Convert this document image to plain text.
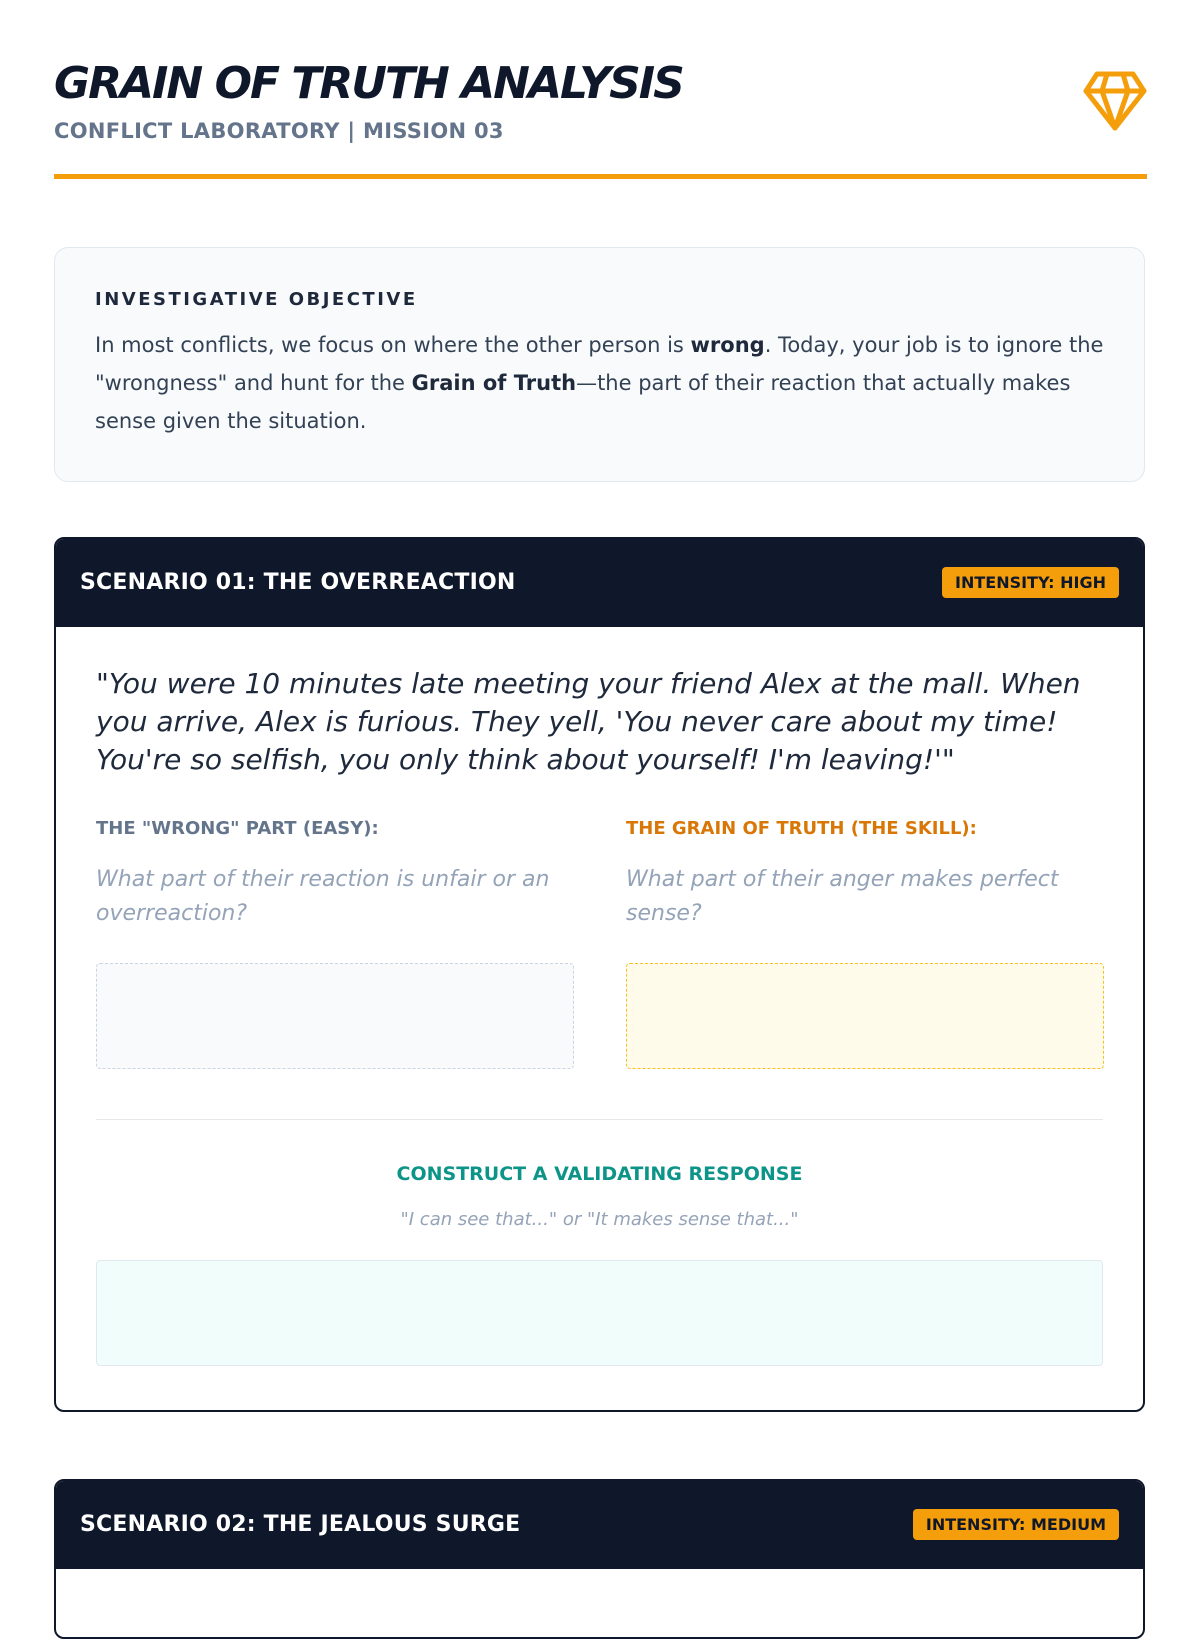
GRAIN OF TRUTH ANALYSIS
CONFLICT LABORATORY | MISSION 03
INVESTIGATIVE OBJECTIVE

In most conflicts, we focus on where the other person is wrong. Today, your job is to ignore the "wrongness" and hunt for the Grain of Truth—the part of their reaction that actually makes sense given the situation.

SCENARIO 01: THE OVERREACTION	INTENSITY: HIGH

"You were 10 minutes late meeting your friend Alex at the mall. When you arrive, Alex is furious. They yell, 'You never care about my time! You're so selfish, you only think about yourself! I'm leaving!'"

THE "WRONG" PART (EASY):
What part of their reaction is unfair or an overreaction?
THE GRAIN OF TRUTH (THE SKILL):
What part of their anger makes perfect sense?
CONSTRUCT A VALIDATING RESPONSE
"I can see that..." or "It makes sense that..."
SCENARIO 02: THE JEALOUS SURGE	INTENSITY: MEDIUM
